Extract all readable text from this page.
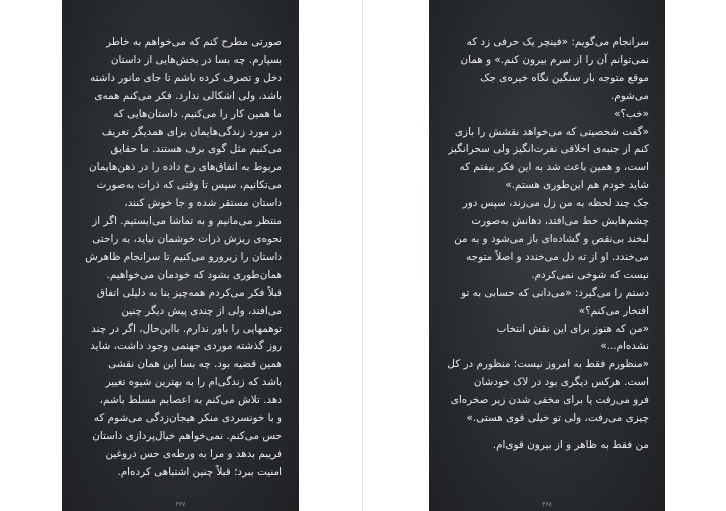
صورتی مطرح کنم که می‌خواهم به خاطر
بسپارم. چه بسا در بخش‌هایی از داستان
دخل و تصرف کرده باشم تا جای مانور داشته
باشد، ولی اشکالی ندارد. فکر می‌کنم همه‌ی
ما همین کار را می‌کنیم. داستان‌هایی که
در مورد زندگی‌هایمان برای همدیگر تعریف
می‌کنیم مثل گوی برف هستند. ما حقایق
مربوط به اتفاق‌های رخ داده را در ذهن‌هایمان
می‌تکانیم، سپس تا وقتی که ذرات به‌صورت
داستان مستقر شده و جا خوش کنند،
منتظر می‌مانیم و به تماشا می‌ایستیم. اگر از
نحوه‌ی ریزش ذرات خوشمان نیاید، به راحتی
داستان را زیرورو می‌کنیم تا سرانجام ظاهرش
همان‌طوری بشود که خودمان می‌خواهیم.
قبلاً فکر می‌کردم همه‌چیز بنا به دلیلی اتفاق
می‌افتد، ولی از چندی پیش دیگر چنین
توهمهایی را باور ندارم. بااین‌حال، اگر در چند
روز گذشته موردی جهنمی وجود داشت، شاید
همین قضیه بود. چه بسا این همان نقشی
باشد که زندگی‌ام را به بهترین شیوه تغییر
دهد. تلاش می‌کنم به اعصابم مسلط باشم،
و با خونسردی منکر هیجان‌زدگی می‌شوم که
حس می‌کنم. نمی‌خواهم خیال‌پردازی داستان
فریبم بدهد و مرا به ورطه‌ی حس دروغین
امنیت ببرد؛ قبلاً چنین اشتباهی کرده‌ام.
۳۶۷
سرانجام می‌گویم: «فینچر یک حرفی زد که
نمی‌توانم آن را از سرم بیرون کنم.» و همان
موقع متوجه بار سنگین نگاه خیره‌ی جک
می‌شوم.
«خب؟»
«گفت شخصیتی که می‌خواهد نقشش را بازی
کنم از جنبه‌ی اخلاقی نفرت‌انگیز ولی سحرانگیز
است، و همین باعث شد به این فکر بیفتم که
شاید خودم هم این‌طوری هستم.»
جک چند لحظه به من زل می‌زند، سپس دور
چشم‌هایش خط می‌افتد، دهانش به‌صورت
لبخند بی‌نقص و گشاده‌ای باز می‌شود و به من
می‌خندد. او از ته دل می‌خندد و اصلاً متوجه
نیست که شوخی نمی‌کردم.
دستم را می‌گیرد: «می‌دانی که حسابی به تو
افتخار می‌کنم؟»
«من که هنوز برای این نقش انتخاب
نشده‌ام...»
«منظورم فقط به امروز نیست؛ منظورم در کل
است. هرکس دیگری بود در لاک خودشان
فرو می‌رفت یا برای مخفی شدن زیر صخره‌ای
چیزی می‌رفت، ولی تو خیلی قوی هستی.»
من فقط به ظاهر و از بیرون قوی‌ام.
۳۶۸
